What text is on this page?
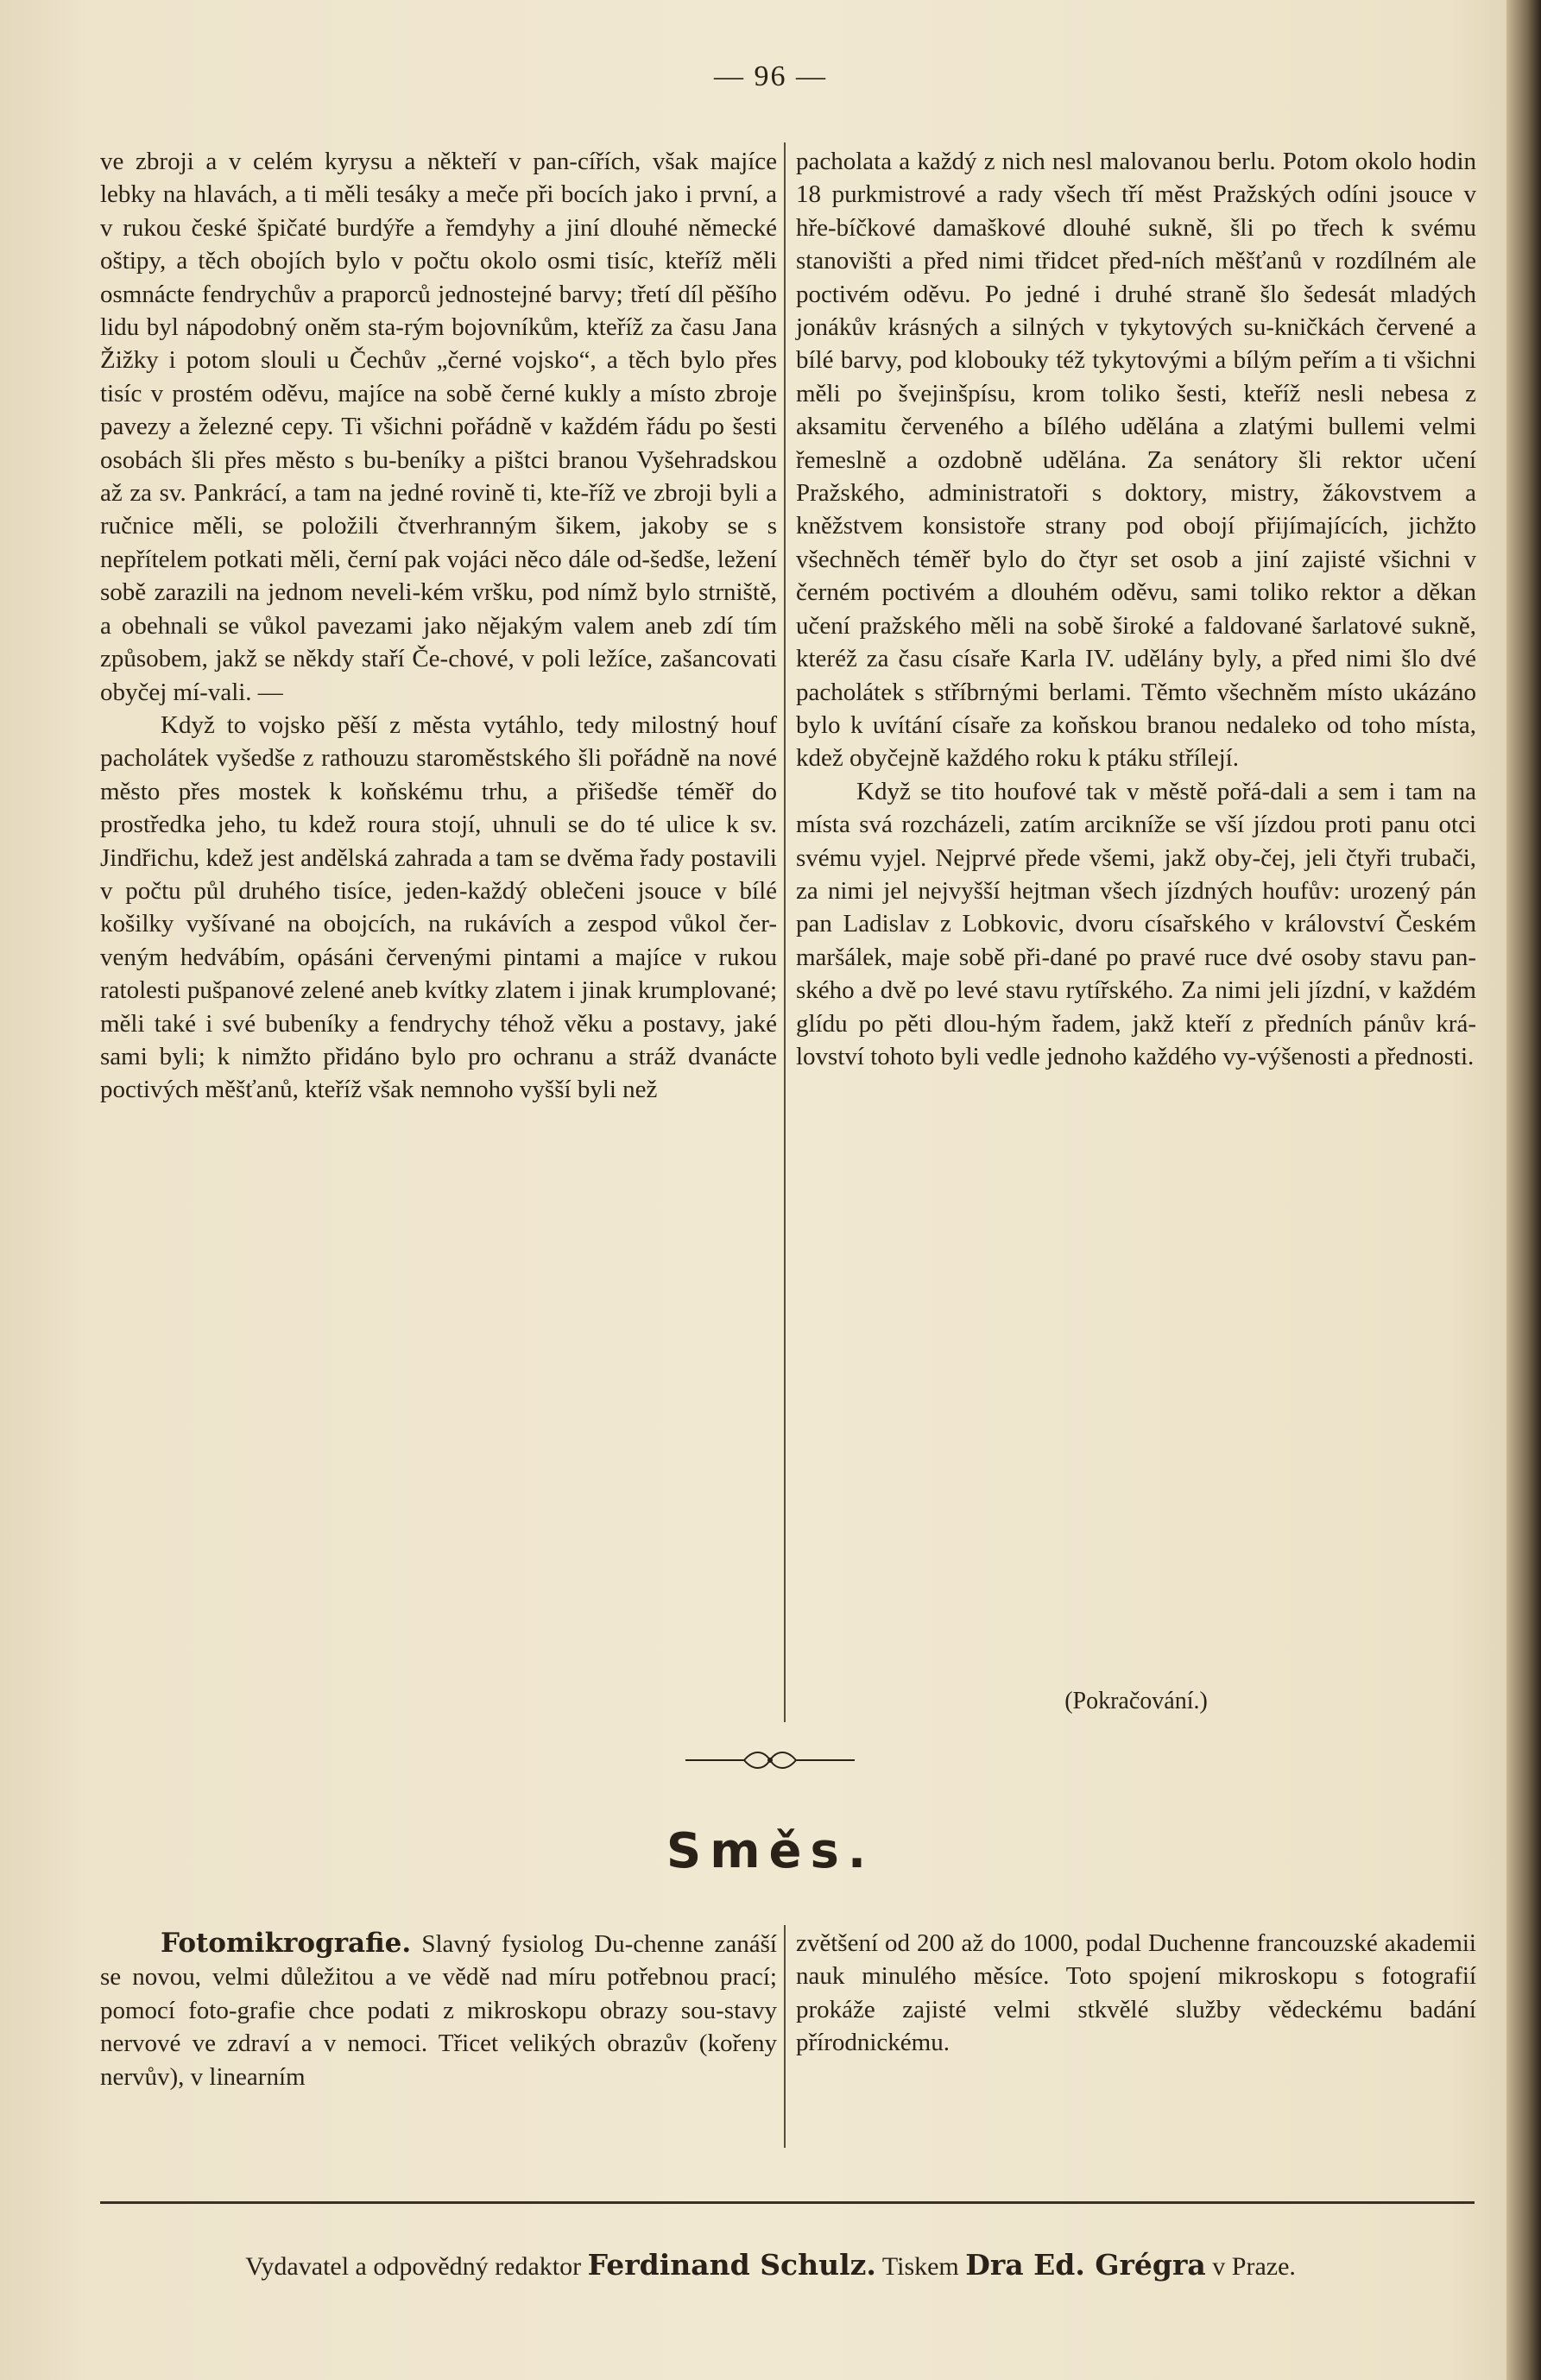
— 96 —

ve zbroji a v celém kyrysu a někteří v pan-cířích, však majíce lebky na hlavách, a ti měli tesáky a meče při bocích jako i první, a v rukou české špičaté burdýře a řemdyhy a jiní dlouhé německé oštipy, a těch obojích bylo v počtu okolo osmi tisíc, kteříž měli osmnácte fendrychův a praporců jednostejné barvy; třetí díl pěšího lidu byl nápodobný oněm sta-rým bojovníkům, kteříž za času Jana Žižky i potom slouli u Čechův „černé vojsko“, a těch bylo přes tisíc v prostém oděvu, majíce na sobě černé kukly a místo zbroje pavezy a železné cepy. Ti všichni pořádně v každém řádu po šesti osobách šli přes město s bu-beníky a pištci branou Vyšehradskou až za sv. Pankrácí, a tam na jedné rovině ti, kte-říž ve zbroji byli a ručnice měli, se položili čtverhranným šikem, jakoby se s nepřítelem potkati měli, černí pak vojáci něco dále od-šedše, ležení sobě zarazili na jednom neveli-kém vršku, pod nímž bylo strniště, a obehnali se vůkol pavezami jako nějakým valem aneb zdí tím způsobem, jakž se někdy staří Če-chové, v poli ležíce, zašancovati obyčej mí-vali. —

Když to vojsko pěší z města vytáhlo, tedy milostný houf pacholátek vyšedše z rathouzu staroměstského šli pořádně na nové město přes mostek k koňskému trhu, a přišedše téměř do prostředka jeho, tu kdež roura stojí, uhnuli se do té ulice k sv. Jindřichu, kdež jest andělská zahrada a tam se dvěma řady postavili v počtu půl druhého tisíce, jeden-každý oblečeni jsouce v bílé košilky vyšívané na obojcích, na rukávích a zespod vůkol čer-veným hedvábím, opásáni červenými pintami a majíce v rukou ratolesti pušpanové zelené aneb kvítky zlatem i jinak krumplované; měli také i své bubeníky a fendrychy téhož věku a postavy, jaké sami byli; k nimžto přidáno bylo pro ochranu a stráž dvanácte poctivých měšťanů, kteříž však nemnoho vyšší byli než

pacholata a každý z nich nesl malovanou berlu. Potom okolo hodin 18 purkmistrové a rady všech tří měst Pražských odíni jsouce v hře-bíčkové damaškové dlouhé sukně, šli po třech k svému stanovišti a před nimi třidcet před-ních měšťanů v rozdílném ale poctivém oděvu. Po jedné i druhé straně šlo šedesát mladých jonákův krásných a silných v tykytových su-kničkách červené a bílé barvy, pod klobouky též tykytovými a bílým peřím a ti všichni měli po švejinšpísu, krom toliko šesti, kteříž nesli nebesa z aksamitu červeného a bílého udělána a zlatými bullemi velmi řemeslně a ozdobně udělána. Za senátory šli rektor učení Pražského, administratoři s doktory, mistry, žákovstvem a kněžstvem konsistoře strany pod obojí přijímajících, jichžto všechněch téměř bylo do čtyr set osob a jiní zajisté všichni v černém poctivém a dlouhém oděvu, sami toliko rektor a děkan učení pražského měli na sobě široké a faldované šarlatové sukně, kteréž za času císaře Karla IV. udělány byly, a před nimi šlo dvé pacholátek s stříbrnými berlami. Těmto všechněm místo ukázáno bylo k uvítání císaře za koňskou branou nedaleko od toho místa, kdež obyčejně každého roku k ptáku střílejí.

Když se tito houfové tak v městě pořá-dali a sem i tam na místa svá rozcházeli, zatím arcikníže se vší jízdou proti panu otci svému vyjel. Nejprvé přede všemi, jakž oby-čej, jeli čtyři trubači, za nimi jel nejvyšší hejtman všech jízdných houfův: urozený pán pan Ladislav z Lobkovic, dvoru císařského v království Českém maršálek, maje sobě při-dané po pravé ruce dvé osoby stavu pan-ského a dvě po levé stavu rytířského. Za nimi jeli jízdní, v každém glídu po pěti dlou-hým řadem, jakž kteří z předních pánův krá-lovství tohoto byli vedle jednoho každého vy-výšenosti a přednosti.

(Pokračování.)
Směs.

Fotomikrografie. Slavný fysiolog Du-chenne zanáší se novou, velmi důležitou a ve vědě nad míru potřebnou prací; pomocí foto-grafie chce podati z mikroskopu obrazy sou-stavy nervové ve zdraví a v nemoci. Třicet velikých obrazův (kořeny nervův), v linearním

zvětšení od 200 až do 1000, podal Duchenne francouzské akademii nauk minulého měsíce. Toto spojení mikroskopu s fotografií prokáže zajisté velmi stkvělé služby vědeckému badání přírodnickému.

Vydavatel a odpovědný redaktor Ferdinand Schulz. Tiskem Dra Ed. Grégra v Praze.
